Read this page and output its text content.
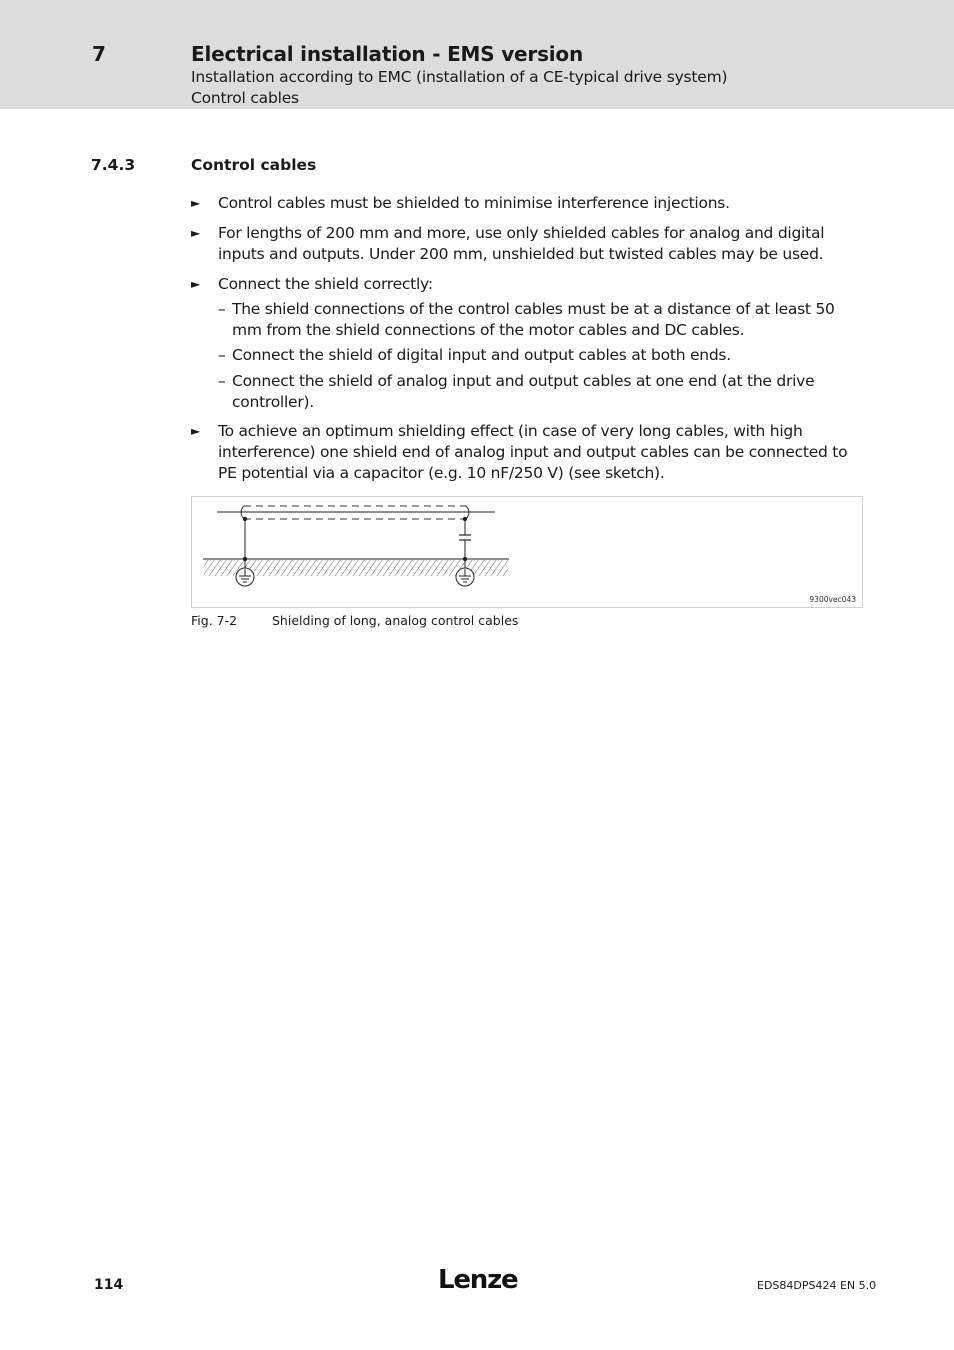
7	Electrical installation - EMS version
Installation according to EMC (installation of a CE-typical drive system)
Control cables
7.4.3	Control cables
► Control cables must be shielded to minimise interference injections.
► For lengths of 200 mm and more, use only shielded cables for analog and digital inputs and outputs. Under 200 mm, unshielded but twisted cables may be used.
► Connect the shield correctly:
– The shield connections of the control cables must be at a distance of at least 50 mm from the shield connections of the motor cables and DC cables.
– Connect the shield of digital input and output cables at both ends.
– Connect the shield of analog input and output cables at one end (at the drive controller).
► To achieve an optimum shielding effect (in case of very long cables, with high interference) one shield end of analog input and output cables can be connected to PE potential via a capacitor (e.g. 10 nF/250 V) (see sketch).
9300vec043
Fig. 7-2	Shielding of long, analog control cables
114	Lenze	EDS84DPS424 EN 5.0
